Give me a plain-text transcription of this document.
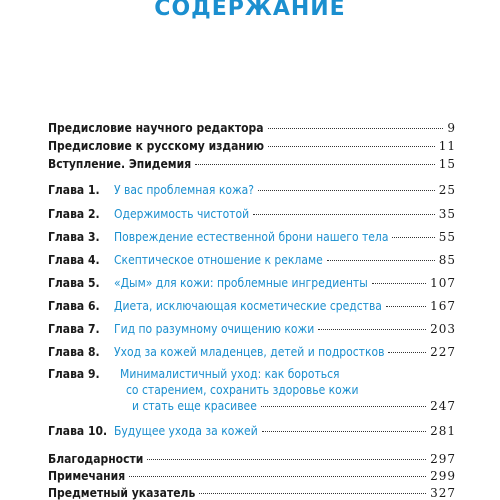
СОДЕРЖАНИЕ
Предисловие научного редактора	9
Предисловие к русскому изданию	11
Вступление. Эпидемия	15
Глава 1.	У вас проблемная кожа?	25
Глава 2.	Одержимость чистотой	35
Глава 3.	Повреждение естественной брони нашего тела	55
Глава 4.	Скептическое отношение к рекламе	85
Глава 5.	«Дым» для кожи: проблемные ингредиенты	107
Глава 6.	Диета, исключающая косметические средства	167
Глава 7.	Гид по разумному очищению кожи	203
Глава 8.	Уход за кожей младенцев, детей и подростков	227
Глава 9.	Минималистичный уход: как бороться
со старением, сохранить здоровье кожи
и стать еще красивее	247
Глава 10. Будущее ухода за кожей	281
Благодарности	297
Примечания	299
Предметный указатель	327
